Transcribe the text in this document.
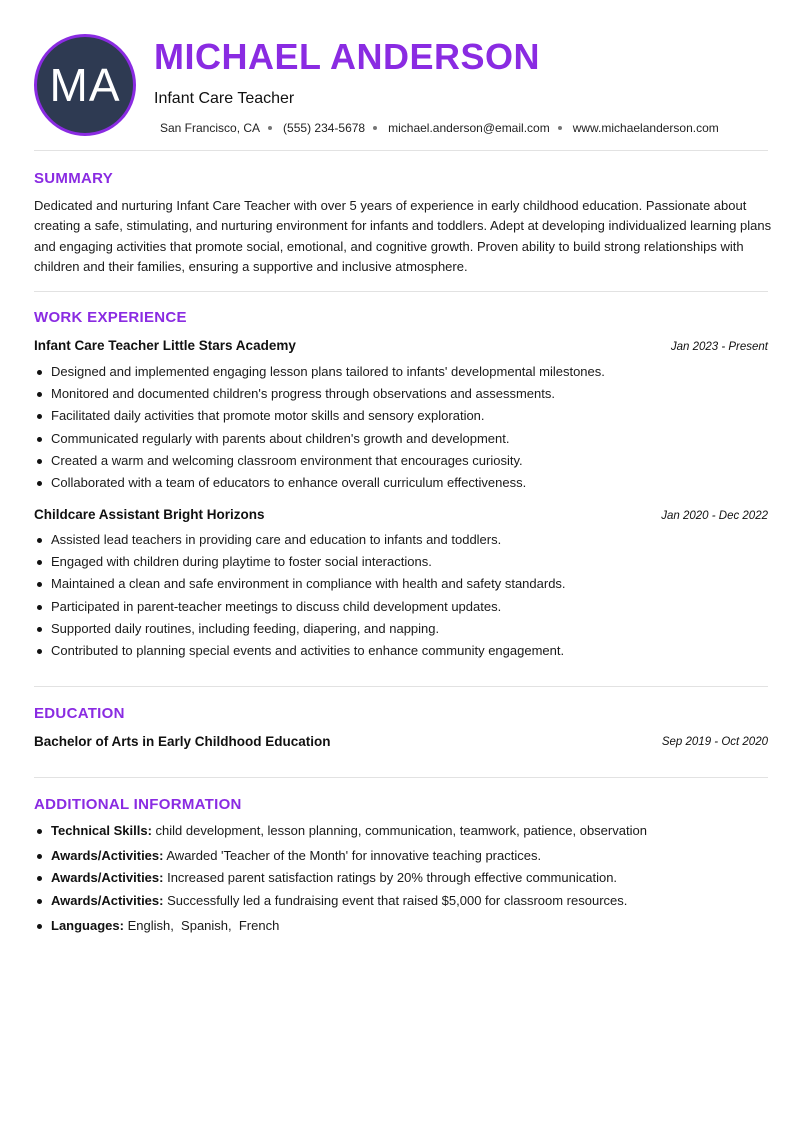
MA
MICHAEL ANDERSON
Infant Care Teacher
San Francisco, CA (555) 234-5678 michael.anderson@email.com www.michaelanderson.com
SUMMARY
Dedicated and nurturing Infant Care Teacher with over 5 years of experience in early childhood education. Passionate about creating a safe, stimulating, and nurturing environment for infants and toddlers. Adept at developing individualized learning plans and engaging activities that promote social, emotional, and cognitive growth. Proven ability to build strong relationships with children and their families, ensuring a supportive and inclusive atmosphere.
WORK EXPERIENCE
Infant Care Teacher Little Stars Academy	Jan 2023 - Present
Designed and implemented engaging lesson plans tailored to infants' developmental milestones.
Monitored and documented children's progress through observations and assessments.
Facilitated daily activities that promote motor skills and sensory exploration.
Communicated regularly with parents about children's growth and development.
Created a warm and welcoming classroom environment that encourages curiosity.
Collaborated with a team of educators to enhance overall curriculum effectiveness.
Childcare Assistant Bright Horizons	Jan 2020 - Dec 2022
Assisted lead teachers in providing care and education to infants and toddlers.
Engaged with children during playtime to foster social interactions.
Maintained a clean and safe environment in compliance with health and safety standards.
Participated in parent-teacher meetings to discuss child development updates.
Supported daily routines, including feeding, diapering, and napping.
Contributed to planning special events and activities to enhance community engagement.
EDUCATION
Bachelor of Arts in Early Childhood Education	Sep 2019 - Oct 2020
ADDITIONAL INFORMATION
Technical Skills: child development, lesson planning, communication, teamwork, patience, observation
Awards/Activities: Awarded 'Teacher of the Month' for innovative teaching practices.
Awards/Activities: Increased parent satisfaction ratings by 20% through effective communication.
Awards/Activities: Successfully led a fundraising event that raised $5,000 for classroom resources.
Languages: English,  Spanish,  French
